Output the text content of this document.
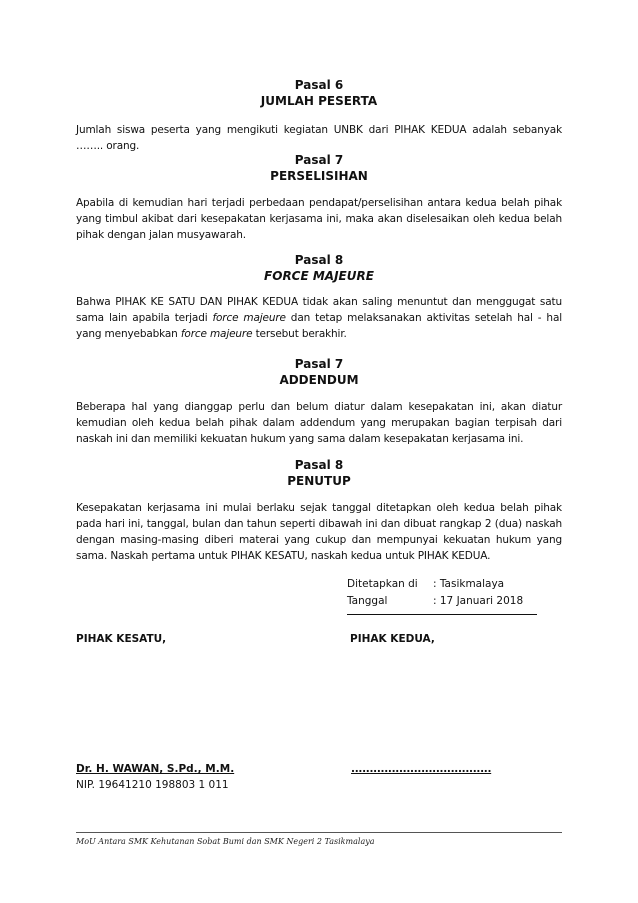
Pasal 6
JUMLAH PESERTA
Jumlah siswa peserta yang mengikuti kegiatan UNBK dari PIHAK KEDUA adalah sebanyak …….. orang.
Pasal 7
PERSELISIHAN
Apabila di kemudian hari terjadi perbedaan pendapat/perselisihan antara kedua belah pihak yang timbul akibat dari kesepakatan kerjasama ini, maka akan diselesaikan oleh kedua belah pihak dengan jalan musyawarah.
Pasal 8
FORCE MAJEURE
Bahwa PIHAK KE SATU DAN PIHAK KEDUA tidak akan saling menuntut dan menggugat satu sama lain apabila terjadi force majeure dan tetap melaksanakan aktivitas setelah hal - hal yang menyebabkan force majeure tersebut berakhir.
Pasal 7
ADDENDUM
Beberapa hal yang dianggap perlu dan belum diatur dalam kesepakatan ini, akan diatur kemudian oleh kedua belah pihak dalam addendum yang merupakan bagian terpisah dari naskah ini dan memiliki kekuatan hukum yang sama dalam kesepakatan kerjasama ini.
Pasal 8
PENUTUP
Kesepakatan kerjasama ini mulai berlaku sejak tanggal ditetapkan oleh kedua belah pihak pada hari ini, tanggal, bulan dan tahun seperti dibawah ini dan dibuat rangkap 2 (dua) naskah dengan masing-masing diberi materai yang cukup dan mempunyai kekuatan hukum yang sama. Naskah pertama untuk PIHAK KESATU, naskah kedua untuk PIHAK KEDUA.
Ditetapkan di	: Tasikmalaya
Tanggal	: 17 Januari 2018
PIHAK KESATU,	PIHAK KEDUA,
Dr. H. WAWAN, S.Pd., M.M.
NIP. 19641210 198803 1 011
......................................
MoU Antara SMK Kehutanan Sobat Bumi dan SMK Negeri 2 Tasikmalaya
